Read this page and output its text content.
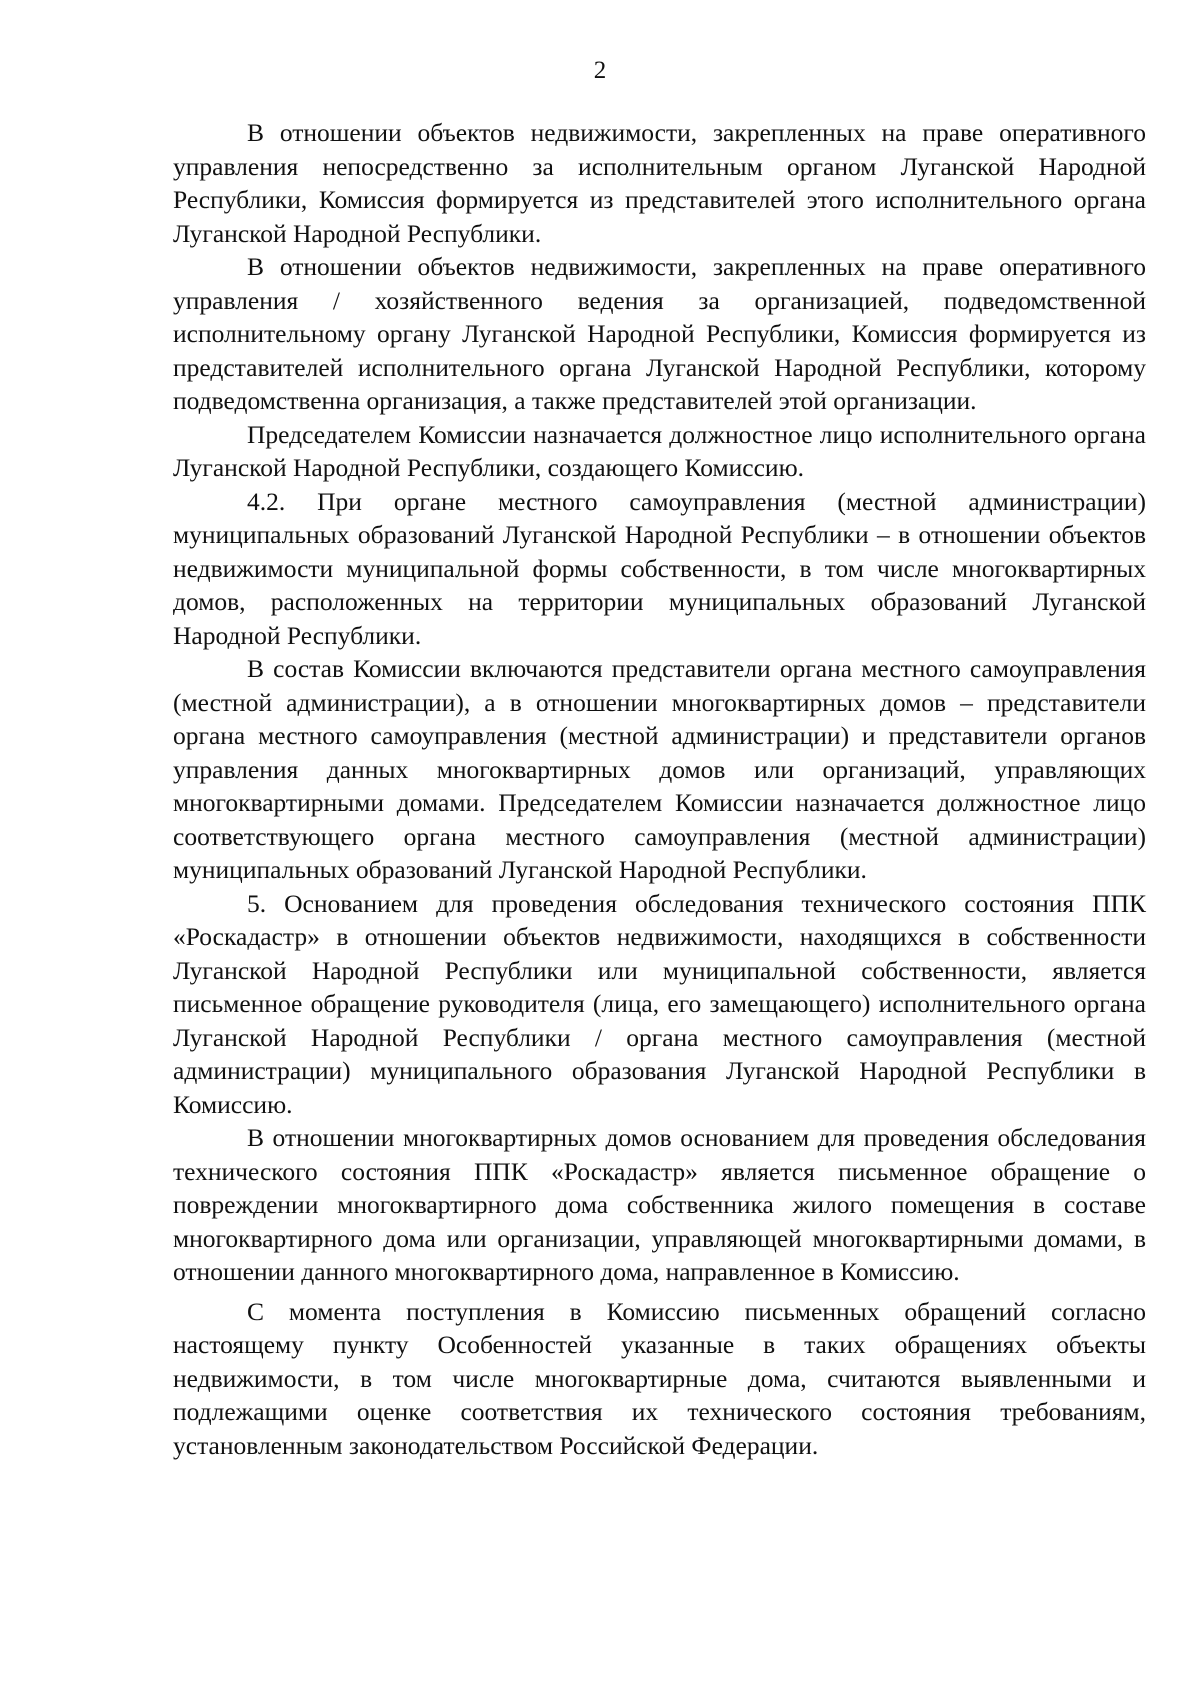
2

В отношении объектов недвижимости, закрепленных на праве оперативного управления непосредственно за исполнительным органом Луганской Народной Республики, Комиссия формируется из представителей этого исполнительного органа Луганской Народной Республики.

В отношении объектов недвижимости, закрепленных на праве оперативного управления / хозяйственного ведения за организацией, подведомственной исполнительному органу Луганской Народной Республики, Комиссия формируется из представителей исполнительного органа Луганской Народной Республики, которому подведомственна организация, а также представителей этой организации.

Председателем Комиссии назначается должностное лицо исполнительного органа Луганской Народной Республики, создающего Комиссию.

4.2. При органе местного самоуправления (местной администрации) муниципальных образований Луганской Народной Республики – в отношении объектов недвижимости муниципальной формы собственности, в том числе многоквартирных домов, расположенных на территории муниципальных образований Луганской Народной Республики.

В состав Комиссии включаются представители органа местного самоуправления (местной администрации), а в отношении многоквартирных домов – представители органа местного самоуправления (местной администрации) и представители органов управления данных многоквартирных домов или организаций, управляющих многоквартирными домами. Председателем Комиссии назначается должностное лицо соответствующего органа местного самоуправления (местной администрации) муниципальных образований Луганской Народной Республики.

5. Основанием для проведения обследования технического состояния ППК «Роскадастр» в отношении объектов недвижимости, находящихся в собственности Луганской Народной Республики или муниципальной собственности, является письменное обращение руководителя (лица, его замещающего) исполнительного органа Луганской Народной Республики / органа местного самоуправления (местной администрации) муниципального образования Луганской Народной Республики в Комиссию.

В отношении многоквартирных домов основанием для проведения обследования технического состояния ППК «Роскадастр» является письменное обращение о повреждении многоквартирного дома собственника жилого помещения в составе многоквартирного дома или организации, управляющей многоквартирными домами, в отношении данного многоквартирного дома, направленное в Комиссию.

С момента поступления в Комиссию письменных обращений согласно настоящему пункту Особенностей указанные в таких обращениях объекты недвижимости, в том числе многоквартирные дома, считаются выявленными и подлежащими оценке соответствия их технического состояния требованиям, установленным законодательством Российской Федерации.
